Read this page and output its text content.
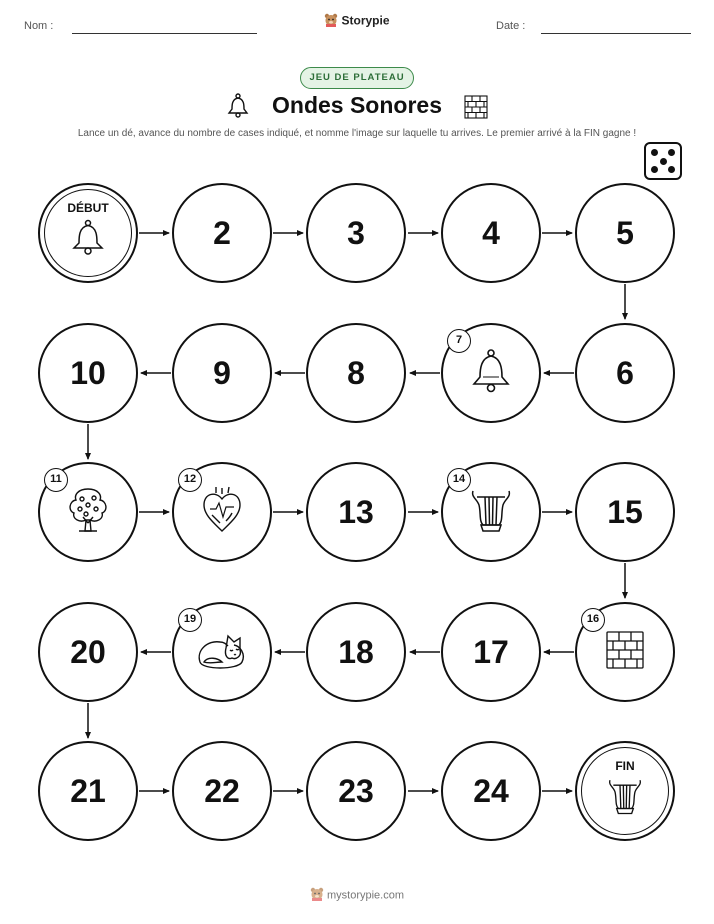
Nom :	Storypie	Date :
JEU DE PLATEAU
Ondes Sonores
Lance un dé, avance du nombre de cases indiqué, et nomme l'image sur laquelle tu arrives. Le premier arrivé à la FIN gagne !
DÉBUT
2	3	4	5
10	9	8
7
6
11	12
13
14
15
20
19
18	17
16
21	22	23	24
FIN
mystorypie.com
